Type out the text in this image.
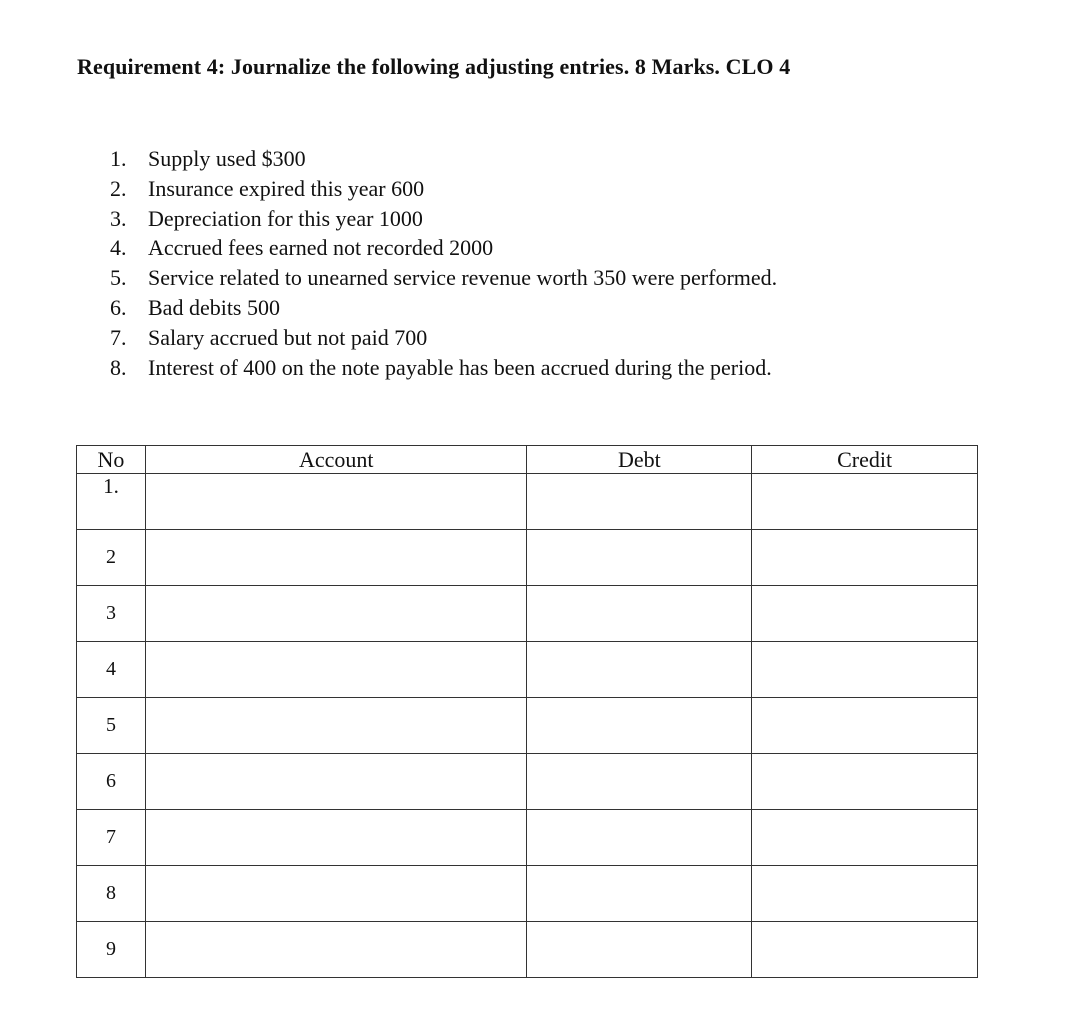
Requirement 4: Journalize the following adjusting entries. 8 Marks. CLO 4
1. Supply used $300
2. Insurance expired this year 600
3. Depreciation for this year 1000
4. Accrued fees earned not recorded 2000
5. Service related to unearned service revenue worth 350 were performed.
6. Bad debits 500
7. Salary accrued but not paid 700
8. Interest of 400 on the note payable has been accrued during the period.
No	Account	Debt	Credit
1.			
2			
3			
4			
5			
6			
7			
8			
9			
